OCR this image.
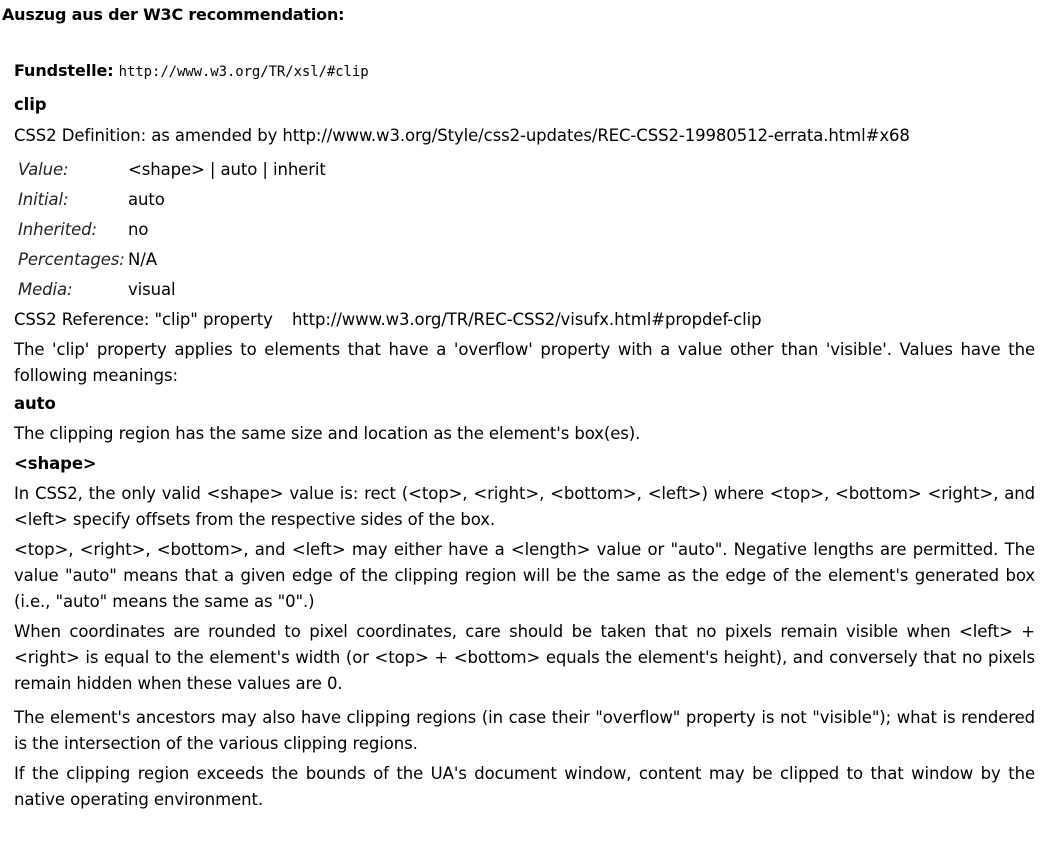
Auszug aus der W3C recommendation:
Fundstelle: http://www.w3.org/TR/xsl/#clip
clip
CSS2 Definition: as amended by http://www.w3.org/Style/css2-updates/REC-CSS2-19980512-errata.html#x68
Value:	<shape> | auto | inherit
Initial:	auto
Inherited:	no
Percentages:	N/A
Media:	visual
CSS2 Reference: "clip" property http://www.w3.org/TR/REC-CSS2/visufx.html#propdef-clip

The 'clip' property applies to elements that have a 'overflow' property with a value other than 'visible'. Values have the following meanings:

auto

The clipping region has the same size and location as the element's box(es).

<shape>

In CSS2, the only valid <shape> value is: rect (<top>, <right>, <bottom>, <left>) where <top>, <bottom> <right>, and <left> specify offsets from the respective sides of the box.

<top>, <right>, <bottom>, and <left> may either have a <length> value or "auto". Negative lengths are permitted. The value "auto" means that a given edge of the clipping region will be the same as the edge of the element's generated box (i.e., "auto" means the same as "0".)

When coordinates are rounded to pixel coordinates, care should be taken that no pixels remain visible when <left> + <right> is equal to the element's width (or <top> + <bottom> equals the element's height), and conversely that no pixels remain hidden when these values are 0.

The element's ancestors may also have clipping regions (in case their "overflow" property is not "visible"); what is rendered is the intersection of the various clipping regions.

If the clipping region exceeds the bounds of the UA's document window, content may be clipped to that window by the native operating environment.
